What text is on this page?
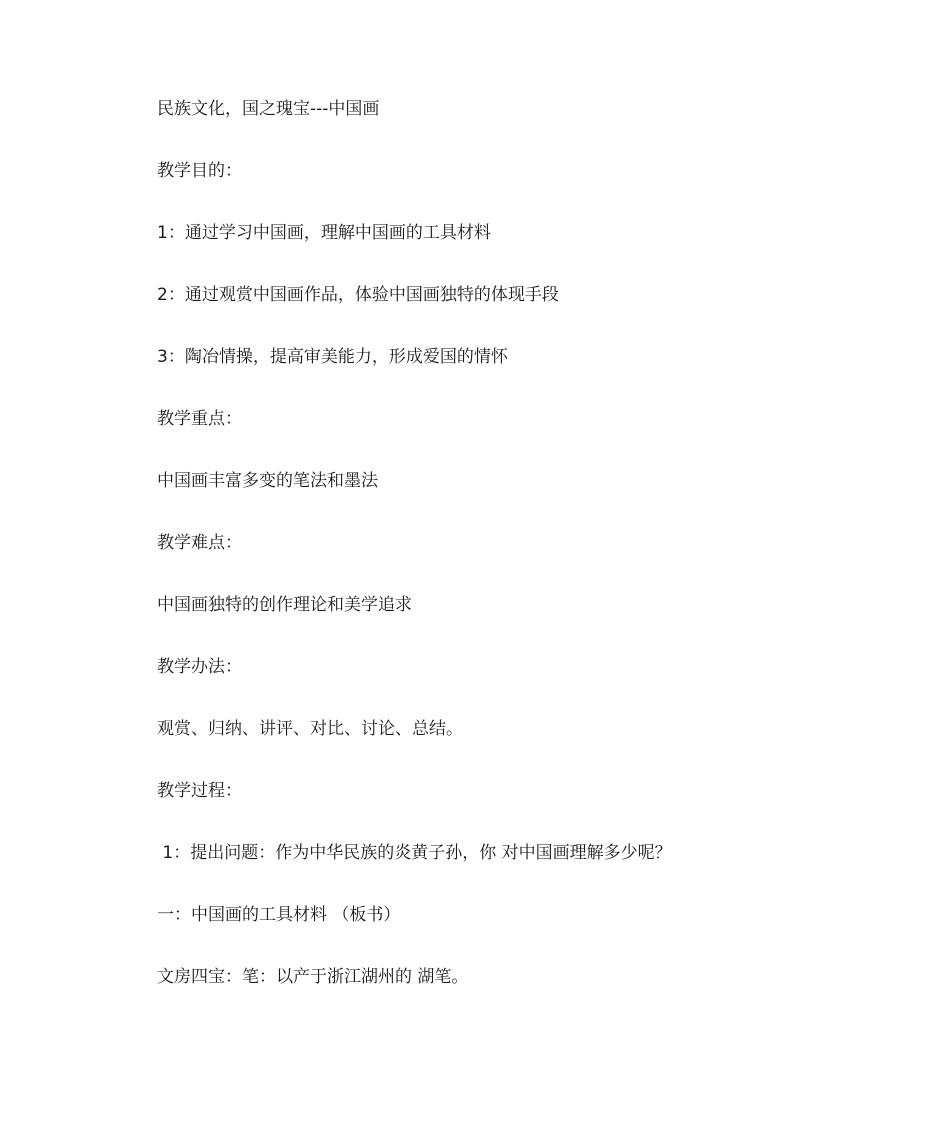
民族文化，国之瑰宝---中国画
教学目的：
1：通过学习中国画，理解中国画的工具材料
2：通过观赏中国画作品，体验中国画独特的体现手段
3：陶冶情操，提高审美能力，形成爱国的情怀
教学重点：
中国画丰富多变的笔法和墨法
教学难点：
中国画独特的创作理论和美学追求
教学办法：
观赏、归纳、讲评、对比、讨论、总结。
教学过程：
1：提出问题：作为中华民族的炎黄子孙，你 对中国画理解多少呢？
一：中国画的工具材料 （板书）
文房四宝：笔：以产于浙江湖州的 湖笔。
